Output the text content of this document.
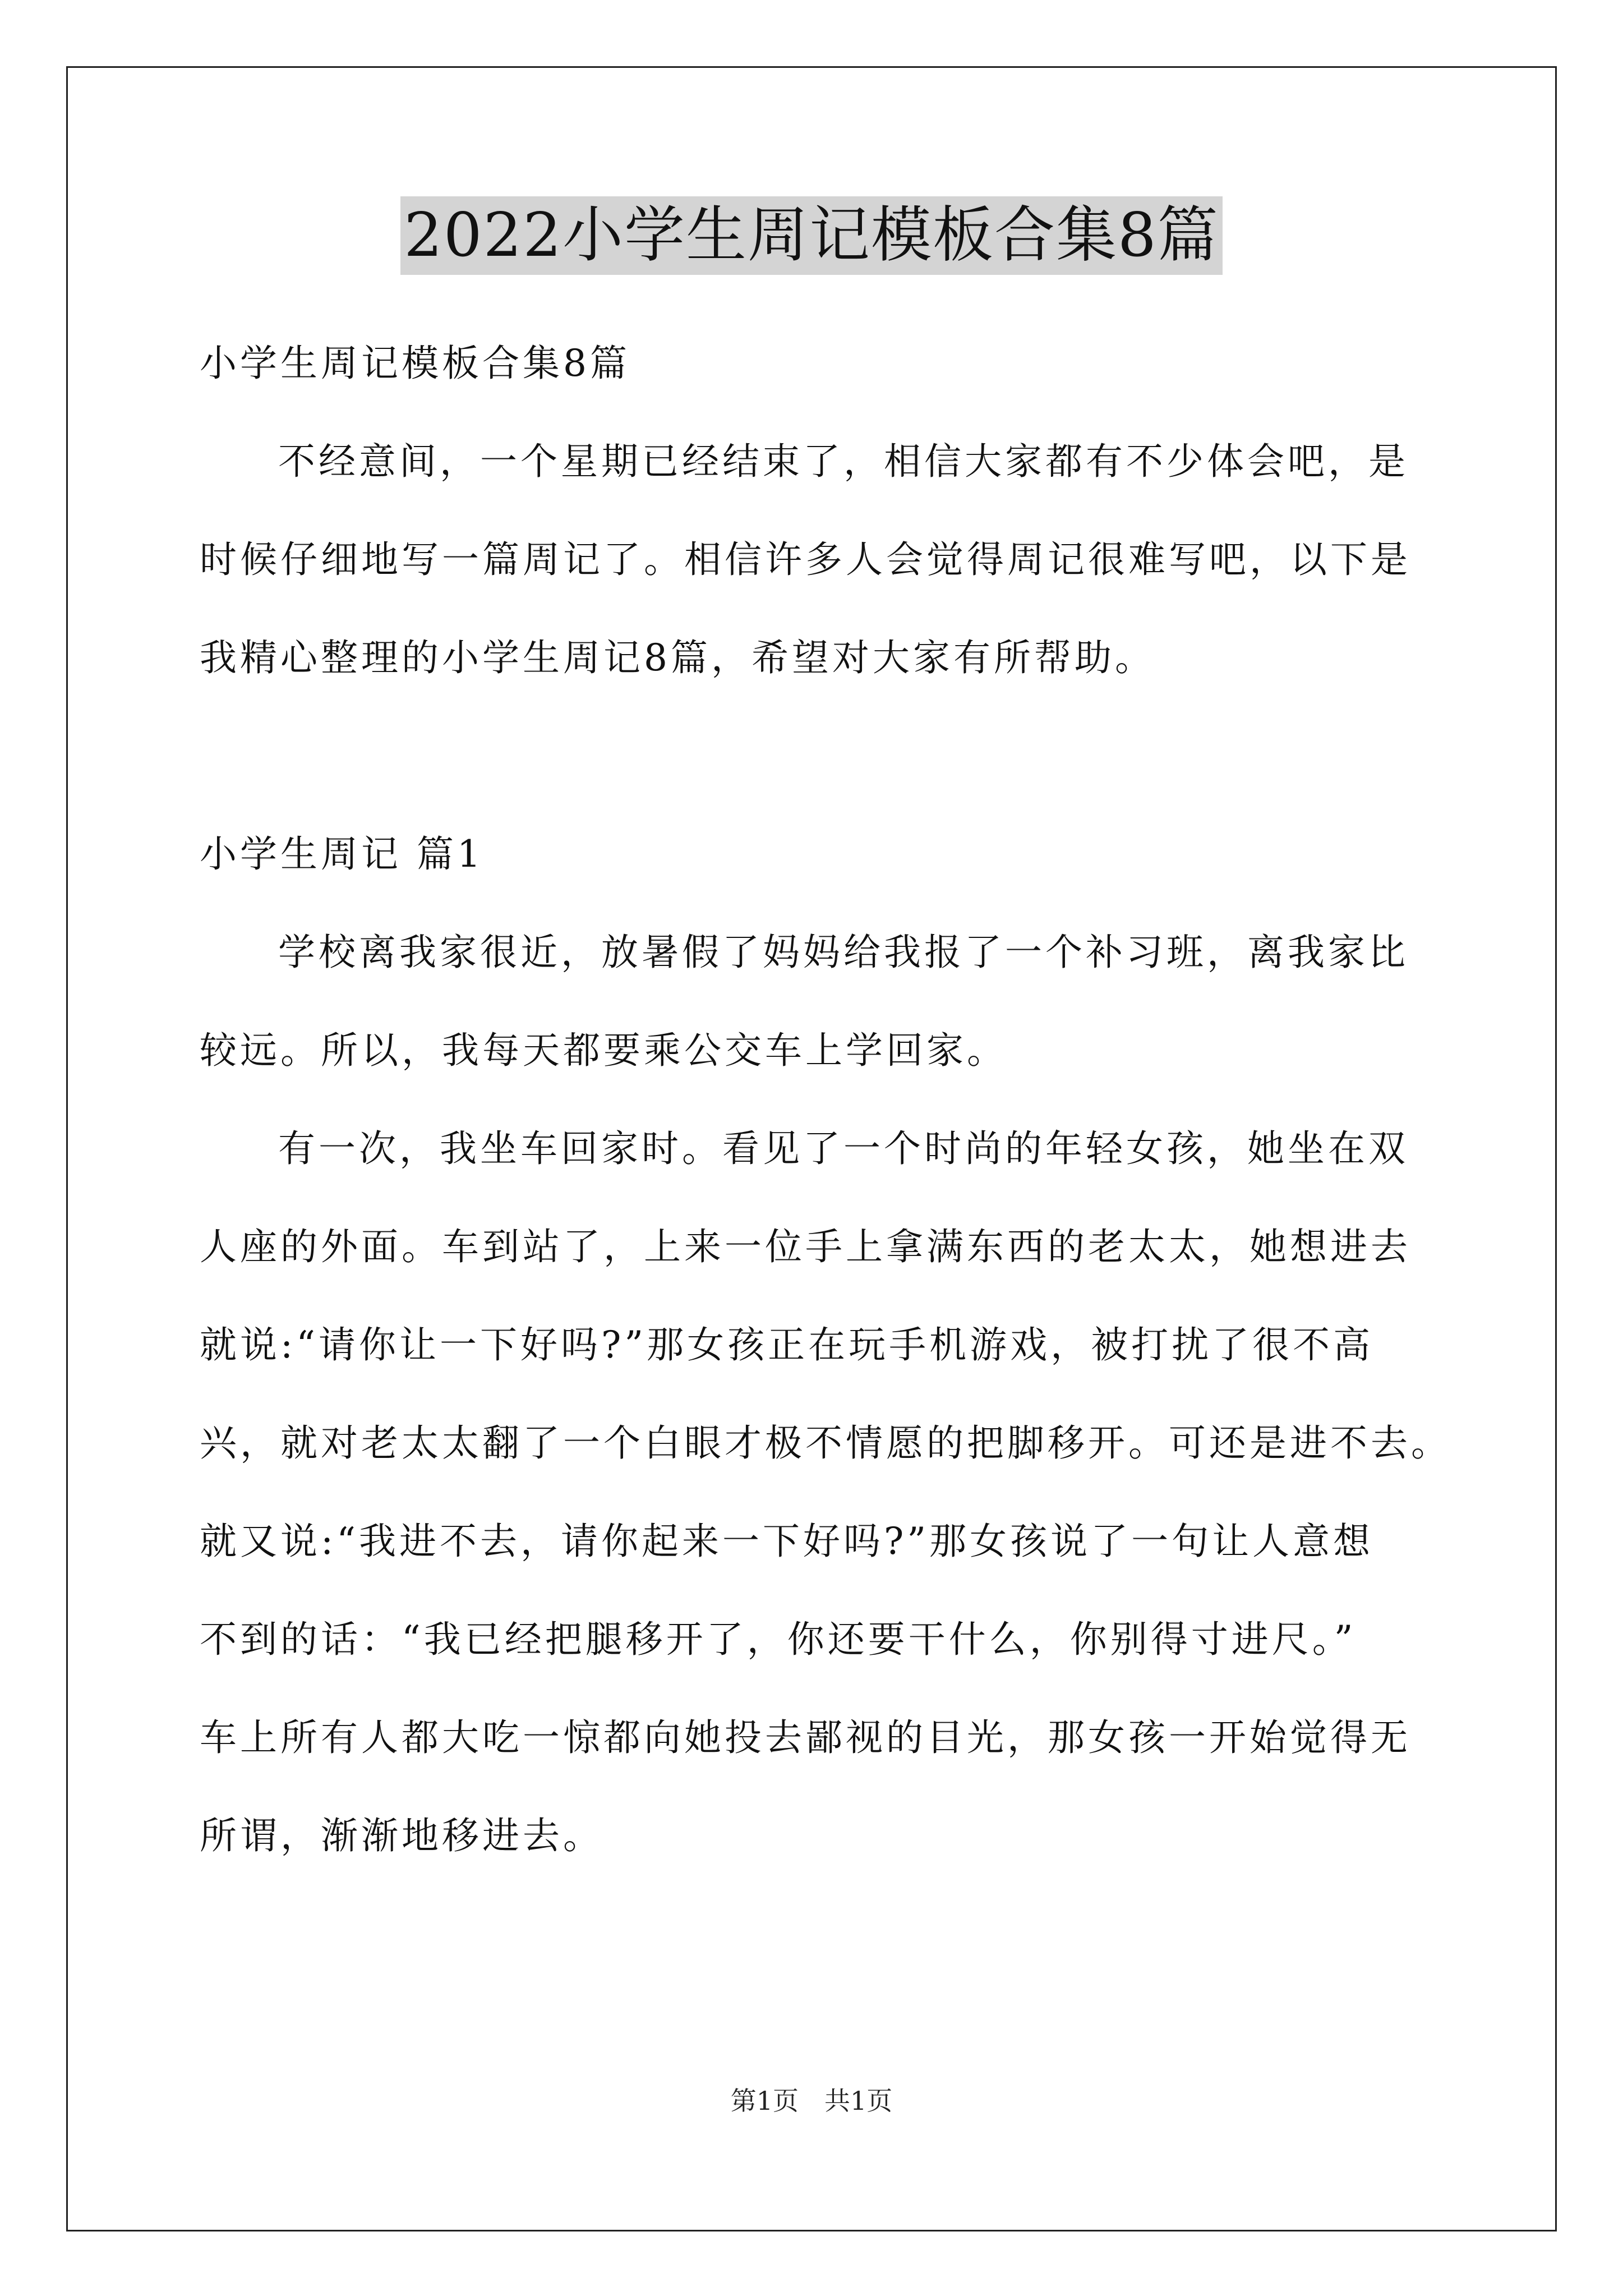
2022小学生周记模板合集8篇

小学生周记模板合集8篇

不经意间，一个星期已经结束了，相信大家都有不少体会吧，是

时候仔细地写一篇周记了。相信许多人会觉得周记很难写吧，以下是

我精心整理的小学生周记8篇，希望对大家有所帮助。

小学生周记 篇1

学校离我家很近，放暑假了妈妈给我报了一个补习班，离我家比

较远。所以，我每天都要乘公交车上学回家。

有一次，我坐车回家时。看见了一个时尚的年轻女孩，她坐在双

人座的外面。车到站了，上来一位手上拿满东西的老太太，她想进去

就说:“请你让一下好吗?”那女孩正在玩手机游戏，被打扰了很不高

兴，就对老太太翻了一个白眼才极不情愿的把脚移开。可还是进不去。

就又说:“我进不去，请你起来一下好吗?”那女孩说了一句让人意想

不到的话：“我已经把腿移开了，你还要干什么，你别得寸进尺。”

车上所有人都大吃一惊都向她投去鄙视的目光，那女孩一开始觉得无

所谓，渐渐地移进去。

第1页　共1页
